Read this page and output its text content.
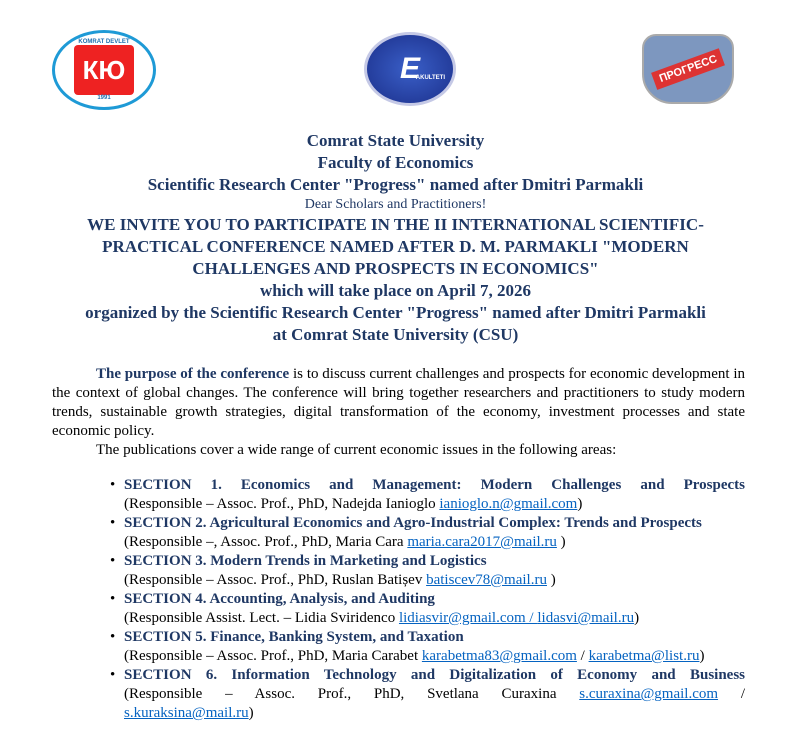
КЮ
KOMRAT DEVLET
1991
E
AKULTETI	ПРОГРЕСС
Comrat State University
Faculty of Economics
Scientific Research Center "Progress" named after Dmitri Parmakli
Dear Scholars and Practitioners!
WE INVITE YOU TO PARTICIPATE IN THE II INTERNATIONAL SCIENTIFIC-
PRACTICAL CONFERENCE NAMED AFTER D. M. PARMAKLI "MODERN
CHALLENGES AND PROSPECTS IN ECONOMICS"
which will take place on April 7, 2026
organized by the Scientific Research Center "Progress" named after Dmitri Parmakli
at Comrat State University (CSU)

The purpose of the conference is to discuss current challenges and prospects for economic development in the context of global changes. The conference will bring together researchers and practitioners to study modern trends, sustainable growth strategies, digital transformation of the economy, investment processes and state economic policy.

The publications cover a wide range of current economic issues in the following areas:

• SECTION 1. Economics and Management: Modern Challenges and Prospects
(Responsible – Assoc. Prof., PhD, Nadejda Ianioglo ianioglo.n@gmail.com)
• SECTION 2. Agricultural Economics and Agro-Industrial Complex: Trends and Prospects
(Responsible –, Assoc. Prof., PhD, Maria Cara maria.cara2017@mail.ru )
• SECTION 3. Modern Trends in Marketing and Logistics
(Responsible – Assoc. Prof., PhD, Ruslan Batișev batiscev78@mail.ru )
• SECTION 4. Accounting, Analysis, and Auditing
(Responsible Assist. Lect. – Lidia Sviridenco lidiasvir@gmail.com / lidasvi@mail.ru)
• SECTION 5. Finance, Banking System, and Taxation
(Responsible – Assoc. Prof., PhD, Maria Carabet karabetma83@gmail.com / karabetma@list.ru)
• SECTION 6. Information Technology and Digitalization of Economy and Business
(Responsible – Assoc. Prof., PhD, Svetlana Curaxina s.curaxina@gmail.com /
s.kuraksina@mail.ru)
